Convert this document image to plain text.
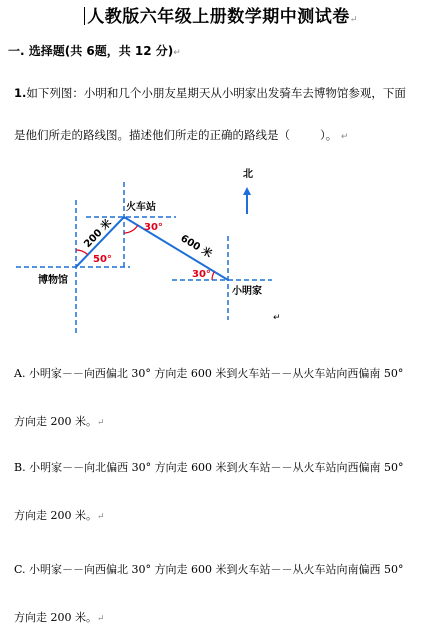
人教版六年级上册数学期中测试卷↵
一. 选择题(共 6题，共 12 分)↵
1.如下列图：小明和几个小朋友星期天从小明家出发骑车去博物馆参观，下面
是他们所走的路线图。描述他们所走的正确的路线是（	）。 ↵
北
火车站
博物馆
小明家
200 米	600 米
30°
50°
30°
↵
A. 小明家－－向西偏北 30° 方向走 600 米到火车站－－从火车站向西偏南 50°
方向走 200 米。↵
B. 小明家－－向北偏西 30° 方向走 600 米到火车站－－从火车站向西偏南 50°
方向走 200 米。↵
C. 小明家－－向西偏北 30° 方向走 600 米到火车站－－从火车站向南偏西 50°
方向走 200 米。↵
